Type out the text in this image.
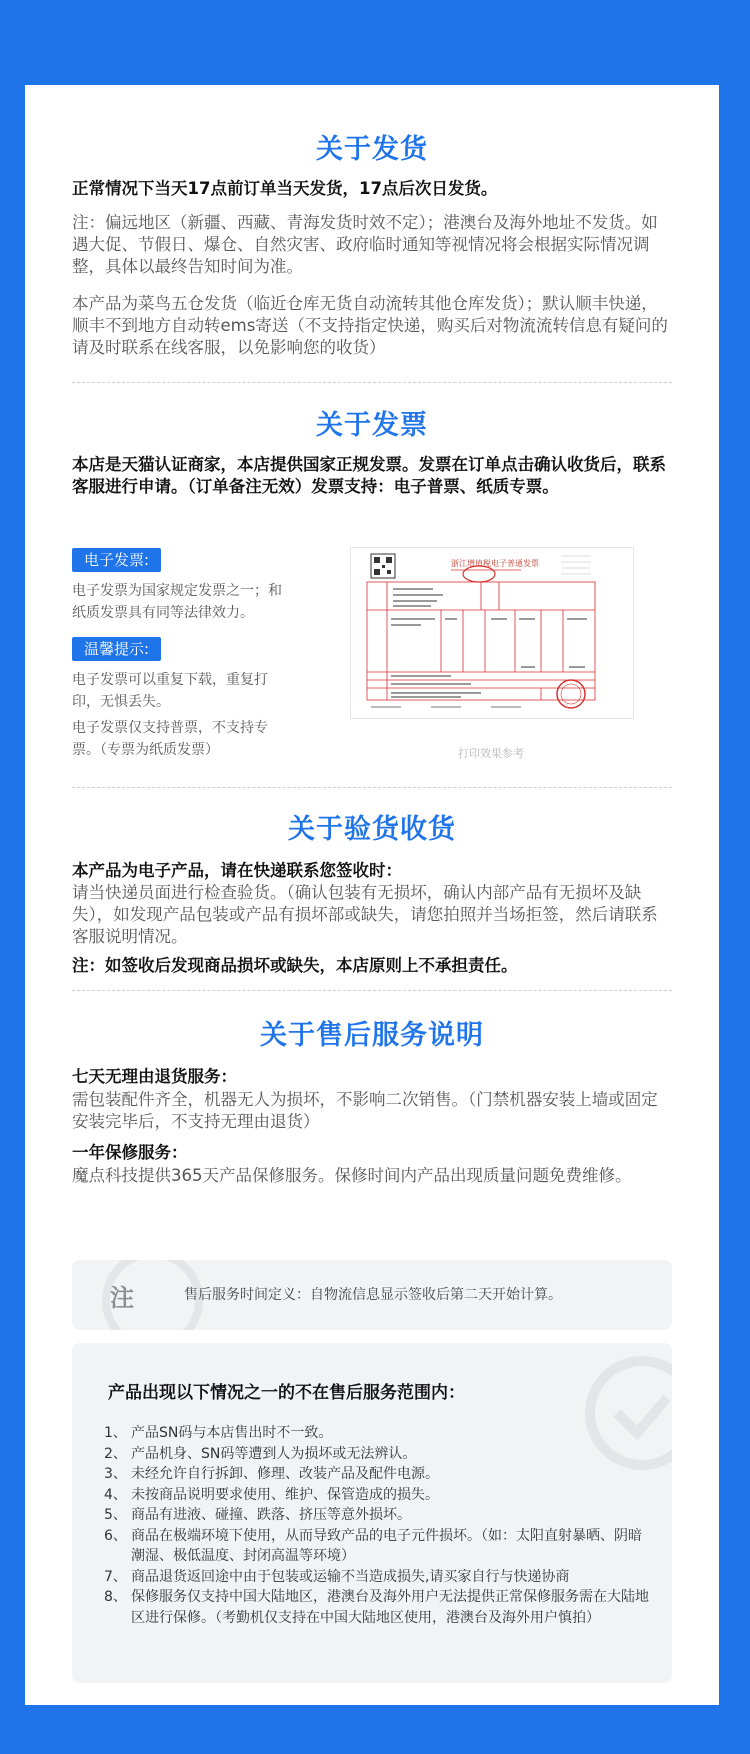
关于发货
正常情况下当天17点前订单当天发货，17点后次日发货。
注：偏远地区（新疆、西藏、青海发货时效不定）；港澳台及海外地址不发货。如遇大促、节假日、爆仓、自然灾害、政府临时通知等视情况将会根据实际情况调整，具体以最终告知时间为准。
本产品为菜鸟五仓发货（临近仓库无货自动流转其他仓库发货）；默认顺丰快递，顺丰不到地方自动转ems寄送（不支持指定快递，购买后对物流流转信息有疑问的请及时联系在线客服，以免影响您的收货）
关于发票
本店是天猫认证商家，本店提供国家正规发票。发票在订单点击确认收货后，联系客服进行申请。（订单备注无效）发票支持：电子普票、纸质专票。
电子发票:
电子发票为国家规定发票之一；和纸质发票具有同等法律效力。
温馨提示:
电子发票可以重复下载，重复打印，无惧丢失。
电子发票仅支持普票，不支持专票。（专票为纸质发票）
浙江增值税电子普通发票
打印效果参考
关于验货收货
本产品为电子产品，请在快递联系您签收时：
请当快递员面进行检查验货。（确认包装有无损坏，确认内部产品有无损坏及缺失），如发现产品包装或产品有损坏部或缺失，请您拍照并当场拒签，然后请联系客服说明情况。
注：如签收后发现商品损坏或缺失，本店原则上不承担责任。
关于售后服务说明
七天无理由退货服务：
需包装配件齐全，机器无人为损坏，不影响二次销售。（门禁机器安装上墙或固定安装完毕后，不支持无理由退货）
一年保修服务：
魔点科技提供365天产品保修服务。保修时间内产品出现质量问题免费维修。
注	售后服务时间定义：自物流信息显示签收后第二天开始计算。
产品出现以下情况之一的不在售后服务范围内：
1、 产品SN码与本店售出时不一致。
2、 产品机身、SN码等遭到人为损坏或无法辨认。
3、 未经允许自行拆卸、修理、改装产品及配件电源。
4、 未按商品说明要求使用、维护、保管造成的损失。
5、 商品有进液、碰撞、跌落、挤压等意外损坏。
6、 商品在极端环境下使用，从而导致产品的电子元件损坏。（如：太阳直射暴晒、阴暗潮湿、极低温度、封闭高温等环境）
7、 商品退货返回途中由于包装或运输不当造成损失,请买家自行与快递协商
8、 保修服务仅支持中国大陆地区，港澳台及海外用户无法提供正常保修服务需在大陆地区进行保修。（考勤机仅支持在中国大陆地区使用，港澳台及海外用户慎拍）
